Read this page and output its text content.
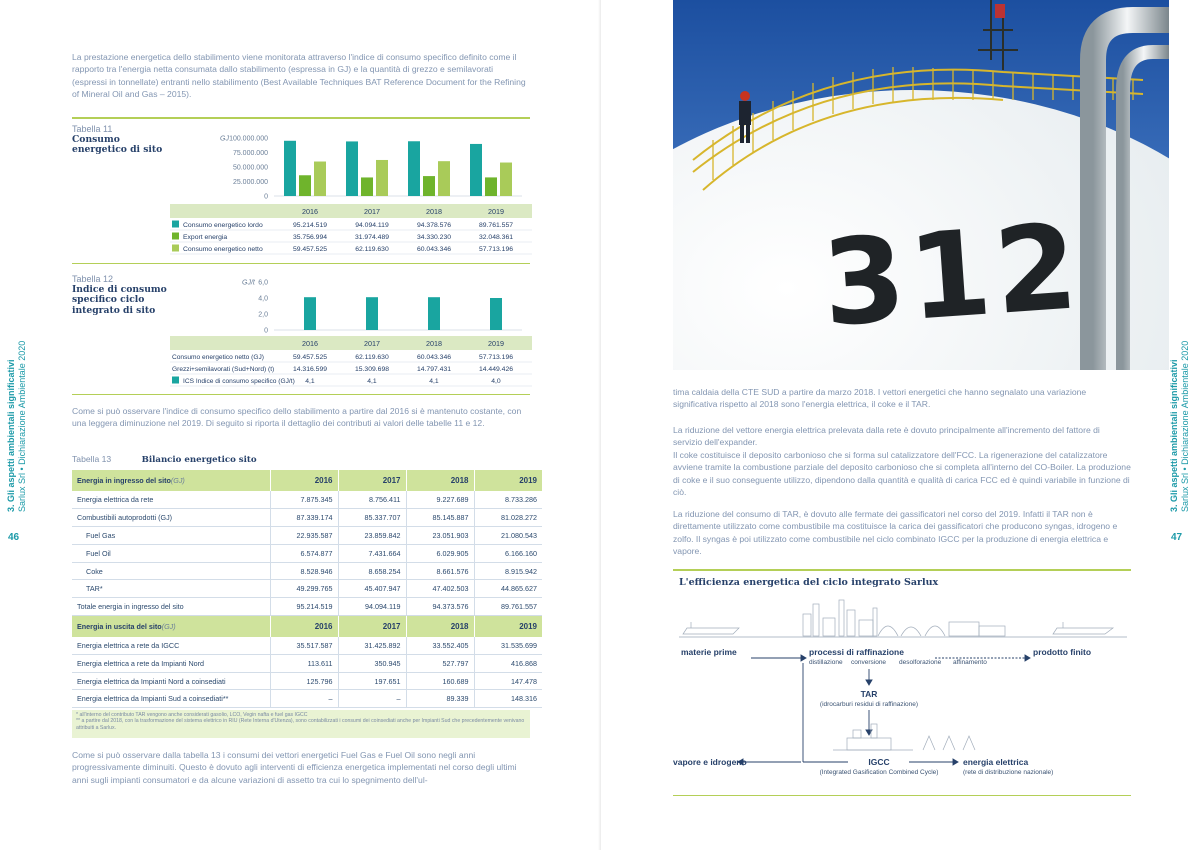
3. Gli aspetti ambientali significativi
Sarlux Srl • Dichiarazione Ambientale 2020
46
La prestazione energetica dello stabilimento viene monitorata attraverso l'indice di consumo specifico definito come il rapporto tra l'energia netta consumata dallo stabilimento (espressa in GJ) e la quantità di grezzo e semilavorati (espressi in tonnellate) entranti nello stabilimento (Best Available Techniques BAT Reference Document for the Refining of Mineral Oil and Gas – 2015).
Tabella 11
Consumo energetico di sito
100.000.000
75.000.000
50.000.000
25.000.000
0
GJ
2016	2017	2018	2019
Consumo energetico lordo	95.214.519	94.094.119	94.378.576	89.761.557
Export energia	35.756.994	31.974.489	34.330.230	32.048.361
Consumo energetico netto	59.457.525	62.119.630	60.043.346	57.713.196
Tabella 12
Indice di consumo specifico ciclo integrato di sito
6,0
4,0
2,0
0
GJ/t
2016	2017	2018	2019
Consumo energetico netto (GJ)	59.457.525	62.119.630	60.043.346	57.713.196
Grezzi+semilavorati (Sud+Nord) (t)	14.316.599	15.309.698	14.797.431	14.449.426
ICS Indice di consumo specifico (GJ/t) 4,1	4,1	4,1	4,0
Come si può osservare l'indice di consumo specifico dello stabilimento a partire dal 2016 si è mantenuto costante, con una leggera diminuzione nel 2019. Di seguito si riporta il dettaglio dei contributi ai valori delle tabelle 11 e 12.
Tabella 13	Bilancio energetico sito
Energia in ingresso del sito(GJ)	2016	2017	2018	2019
Energia elettrica da rete	7.875.345	8.756.411	9.227.689	8.733.286
Combustibili autoprodotti (GJ)	87.339.174	85.337.707	85.145.887	81.028.272
Fuel Gas	22.935.587	23.859.842	23.051.903	21.080.543
Fuel Oil	6.574.877	7.431.664	6.029.905	6.166.160
Coke	8.528.946	8.658.254	8.661.576	8.915.942
TAR*	49.299.765	45.407.947	47.402.503	44.865.627
Totale energia in ingresso del sito	95.214.519	94.094.119	94.373.576	89.761.557
Energia in uscita del sito(GJ)	2016	2017	2018	2019
Energia elettrica a rete da IGCC	35.517.587	31.425.892	33.552.405	31.535.699
Energia elettrica a rete da Impianti Nord	113.611	350.945	527.797	416.868
Energia elettrica da Impianti Nord a coinsediati	125.796	197.651	160.689	147.478
Energia elettrica da Impianti Sud a coinsediati**	–	–	89.339	148.316
* all'interno del contributo TAR vengono anche considerati gasolio, LCO, Vegin nafta e fuel gas IGCC
** a partire dal 2018, con la trasformazione del sistema elettrico in RIU (Rete Interna d'Utenza), sono contabilizzati i consumi dei coinsediati anche per Impianti Sud che precedentemente venivano attribuiti a Sarlux.
Come si può osservare dalla tabella 13 i consumi dei vettori energetici Fuel Gas e Fuel Oil sono negli anni progressivamente diminuiti. Questo è dovuto agli interventi di efficienza energetica implementati nel corso degli ultimi anni sugli impianti consumatori e da alcune variazioni di assetto tra cui lo spegnimento dell'ul-
3. Gli aspetti ambientali significativi
Sarlux Srl • Dichiarazione Ambientale 2020
47
312
tima caldaia della CTE SUD a partire da marzo 2018. I vettori energetici che hanno segnalato una variazione significativa rispetto al 2018 sono l'energia elettrica, il coke e il TAR.
La riduzione del vettore energia elettrica prelevata dalla rete è dovuto principalmente all'incremento del fattore di servizio dell'expander.
Il coke costituisce il deposito carbonioso che si forma sul catalizzatore dell'FCC. La rigenerazione del catalizzatore avviene tramite la combustione parziale del deposito carbonioso che si completa all'interno del CO-Boiler. La produzione di coke e il suo conseguente utilizzo, dipendono dalla quantità e qualità di carica FCC ed è quindi variabile in funzione di ciò.
La riduzione del consumo di TAR, è dovuto alle fermate dei gassificatori nel corso del 2019. Infatti il TAR non è direttamente utilizzato come combustibile ma costituisce la carica dei gassificatori che producono syngas, idrogeno e zolfo. Il syngas è poi utilizzato come combustibile nel ciclo combinato IGCC per la produzione di energia elettrica e vapore.
L'efficienza energetica del ciclo integrato Sarlux
materie prime	processi di raffinazione
distillazione conversione desolforazione affinamento
prodotto finito
TAR
(idrocarburi residui di raffinazione)
vapore e idrogeno	IGCC
(Integrated Gasification Combined Cycle)
energia elettrica
(rete di distribuzione nazionale)
